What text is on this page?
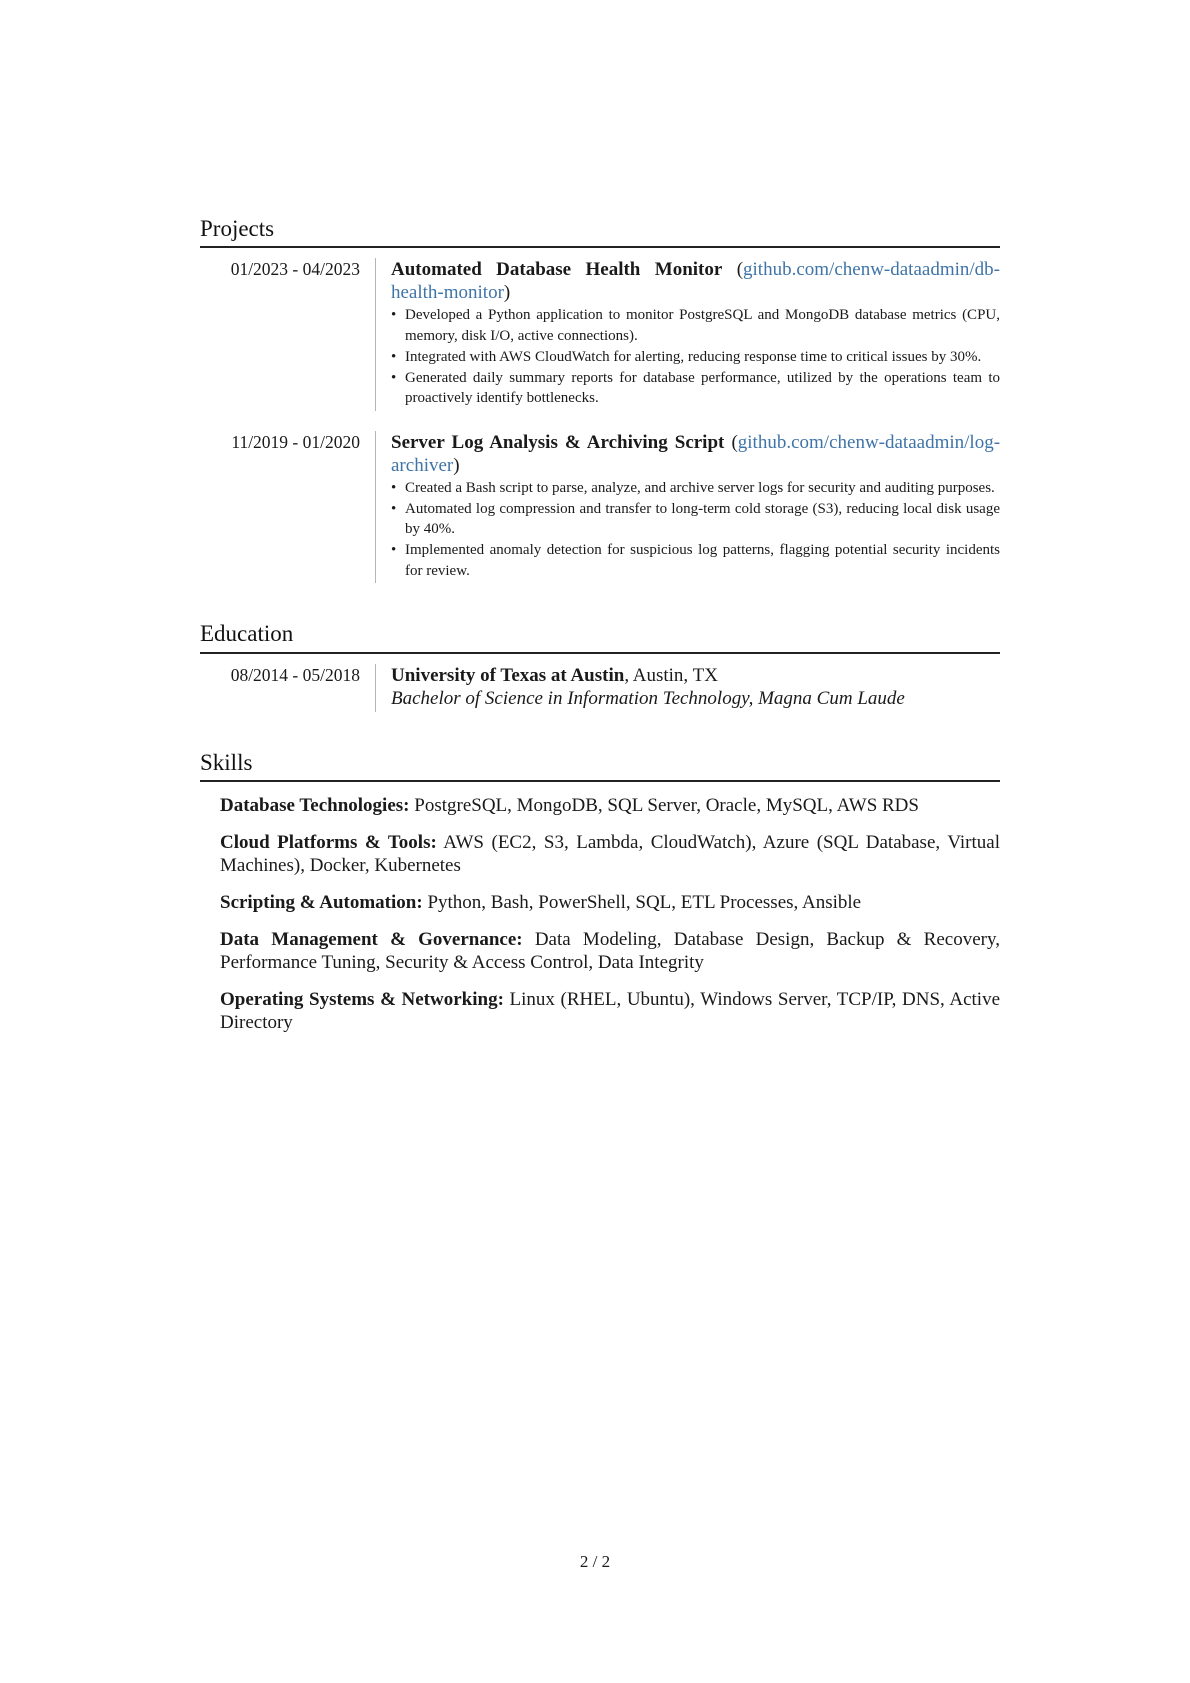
Projects
01/2023 - 04/2023	Automated Database Health Monitor (github.com/chenw-dataadmin/db-health-monitor)
• Developed a Python application to monitor PostgreSQL and MongoDB database metrics (CPU, memory, disk I/O, active connections).
• Integrated with AWS CloudWatch for alerting, reducing response time to critical issues by 30%.
• Generated daily summary reports for database performance, utilized by the operations team to proactively identify bottlenecks.
11/2019 - 01/2020	Server Log Analysis & Archiving Script (github.com/chenw-dataadmin/log-archiver)
• Created a Bash script to parse, analyze, and archive server logs for security and auditing purposes.
• Automated log compression and transfer to long-term cold storage (S3), reducing local disk usage by 40%.
• Implemented anomaly detection for suspicious log patterns, flagging potential security incidents for review.
Education
08/2014 - 05/2018	University of Texas at Austin, Austin, TX
Bachelor of Science in Information Technology, Magna Cum Laude
Skills
Database Technologies: PostgreSQL, MongoDB, SQL Server, Oracle, MySQL, AWS RDS
Cloud Platforms & Tools: AWS (EC2, S3, Lambda, CloudWatch), Azure (SQL Database, Virtual Machines), Docker, Kubernetes
Scripting & Automation: Python, Bash, PowerShell, SQL, ETL Processes, Ansible
Data Management & Governance: Data Modeling, Database Design, Backup & Recovery, Performance Tuning, Security & Access Control, Data Integrity
Operating Systems & Networking: Linux (RHEL, Ubuntu), Windows Server, TCP/IP, DNS, Active Directory
2 / 2
